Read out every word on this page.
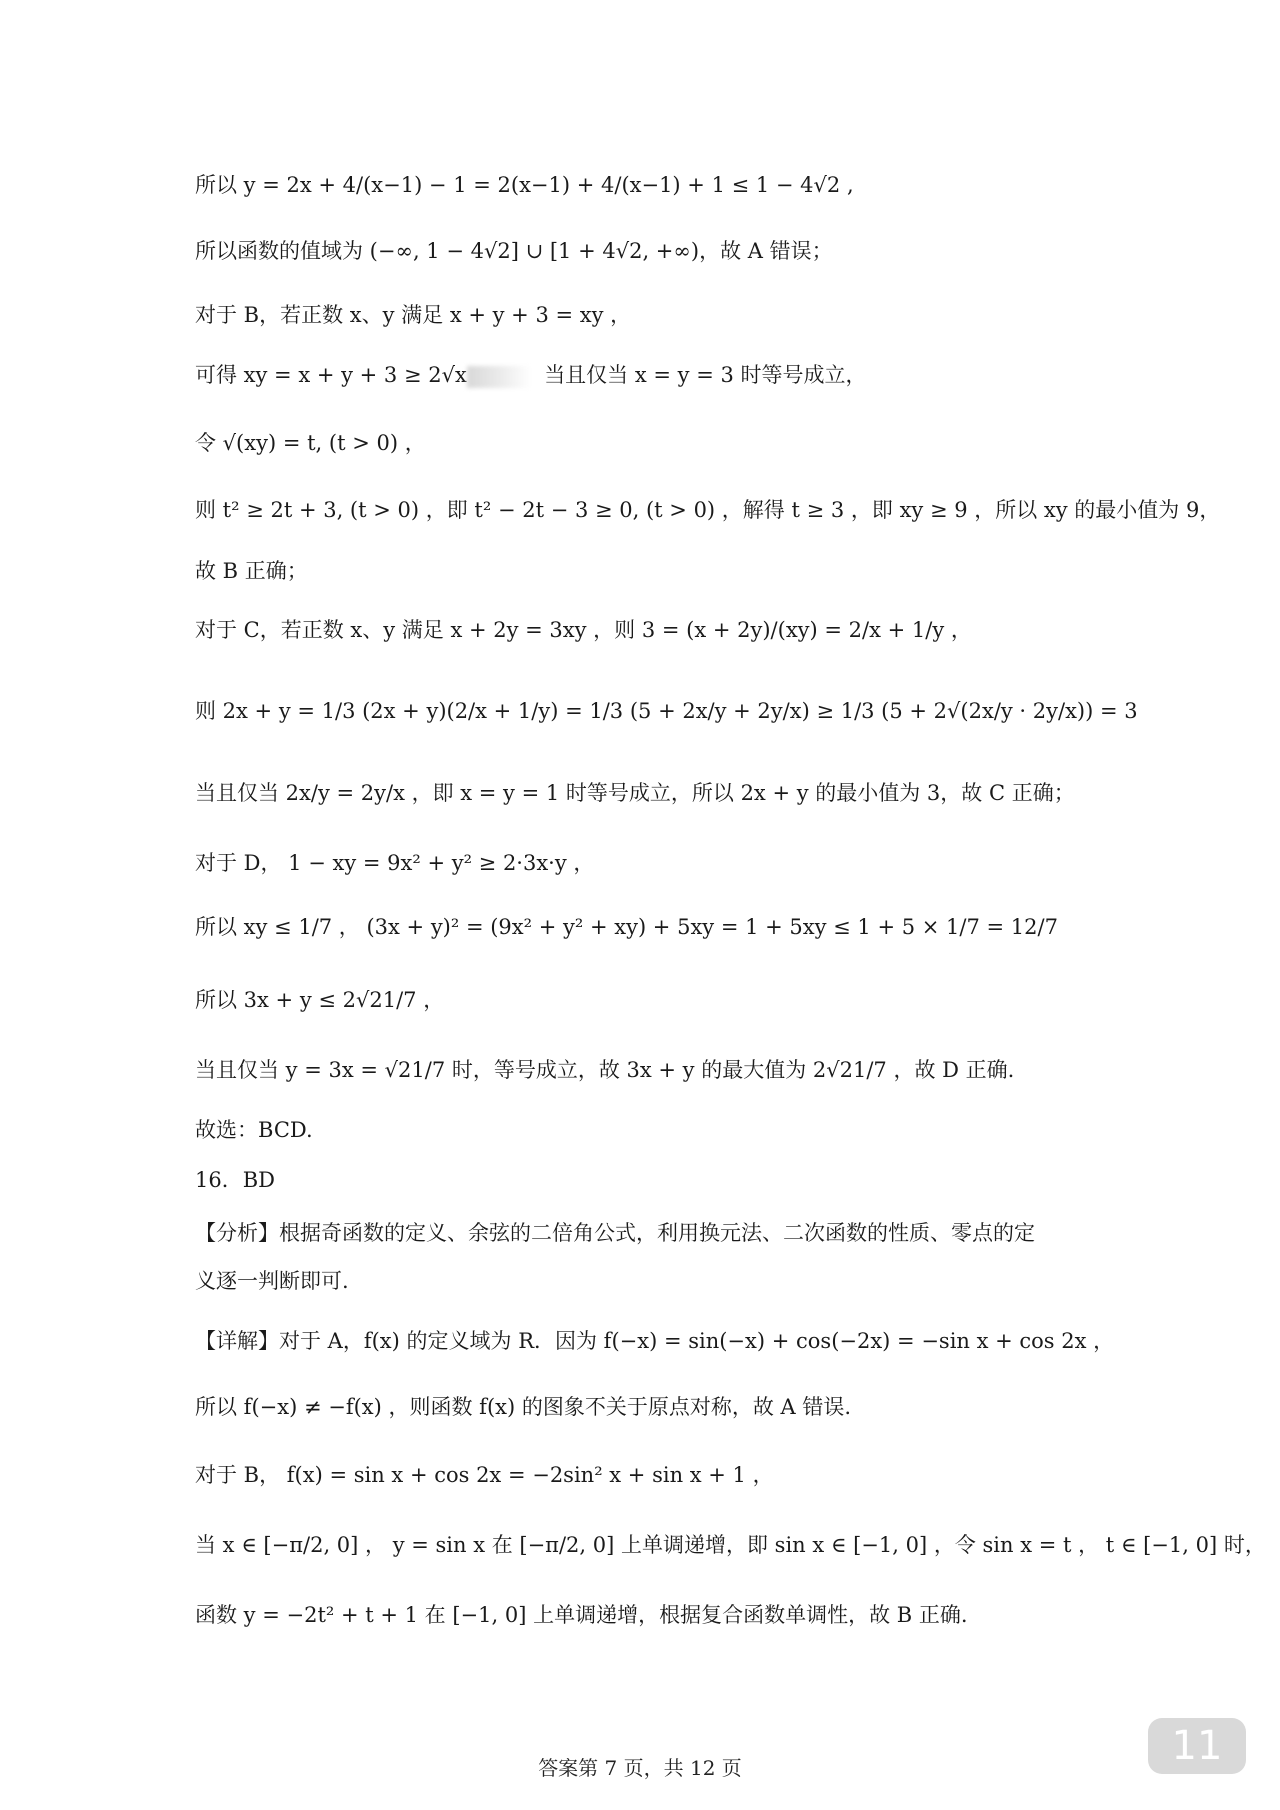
所以 y = 2x + 4/(x−1) − 1 = 2(x−1) + 4/(x−1) + 1 ≤ 1 − 4√2 ,
所以函数的值域为 (−∞, 1 − 4√2] ∪ [1 + 4√2, +∞)，故 A 错误；
对于 B，若正数 x、y 满足 x + y + 3 = xy ，
可得 xy = x + y + 3 ≥ 2√x	当且仅当 x = y = 3 时等号成立，
令 √(xy) = t, (t > 0) ，
则 t² ≥ 2t + 3, (t > 0) ，即 t² − 2t − 3 ≥ 0, (t > 0) ，解得 t ≥ 3 ，即 xy ≥ 9 ，所以 xy 的最小值为 9，
故 B 正确；
对于 C，若正数 x、y 满足 x + 2y = 3xy ，则 3 = (x + 2y)/(xy) = 2/x + 1/y ，
则 2x + y = 1/3 (2x + y)(2/x + 1/y) = 1/3 (5 + 2x/y + 2y/x) ≥ 1/3 (5 + 2√(2x/y · 2y/x)) = 3
当且仅当 2x/y = 2y/x ，即 x = y = 1 时等号成立，所以 2x + y 的最小值为 3，故 C 正确；
对于 D， 1 − xy = 9x² + y² ≥ 2·3x·y ，
所以 xy ≤ 1/7 ， (3x + y)² = (9x² + y² + xy) + 5xy = 1 + 5xy ≤ 1 + 5 × 1/7 = 12/7
所以 3x + y ≤ 2√21/7 ，
当且仅当 y = 3x = √21/7 时，等号成立，故 3x + y 的最大值为 2√21/7 ，故 D 正确.
故选：BCD.
16．BD
【分析】根据奇函数的定义、余弦的二倍角公式，利用换元法、二次函数的性质、零点的定
义逐一判断即可.
【详解】对于 A，f(x) 的定义域为 R．因为 f(−x) = sin(−x) + cos(−2x) = −sin x + cos 2x ，
所以 f(−x) ≠ −f(x) ，则函数 f(x) 的图象不关于原点对称，故 A 错误.
对于 B， f(x) = sin x + cos 2x = −2sin² x + sin x + 1 ，
当 x ∈ [−π/2, 0] ， y = sin x 在 [−π/2, 0] 上单调递增，即 sin x ∈ [−1, 0] ，令 sin x = t ， t ∈ [−1, 0] 时，
函数 y = −2t² + t + 1 在 [−1, 0] 上单调递增，根据复合函数单调性，故 B 正确.
答案第 7 页，共 12 页	11
